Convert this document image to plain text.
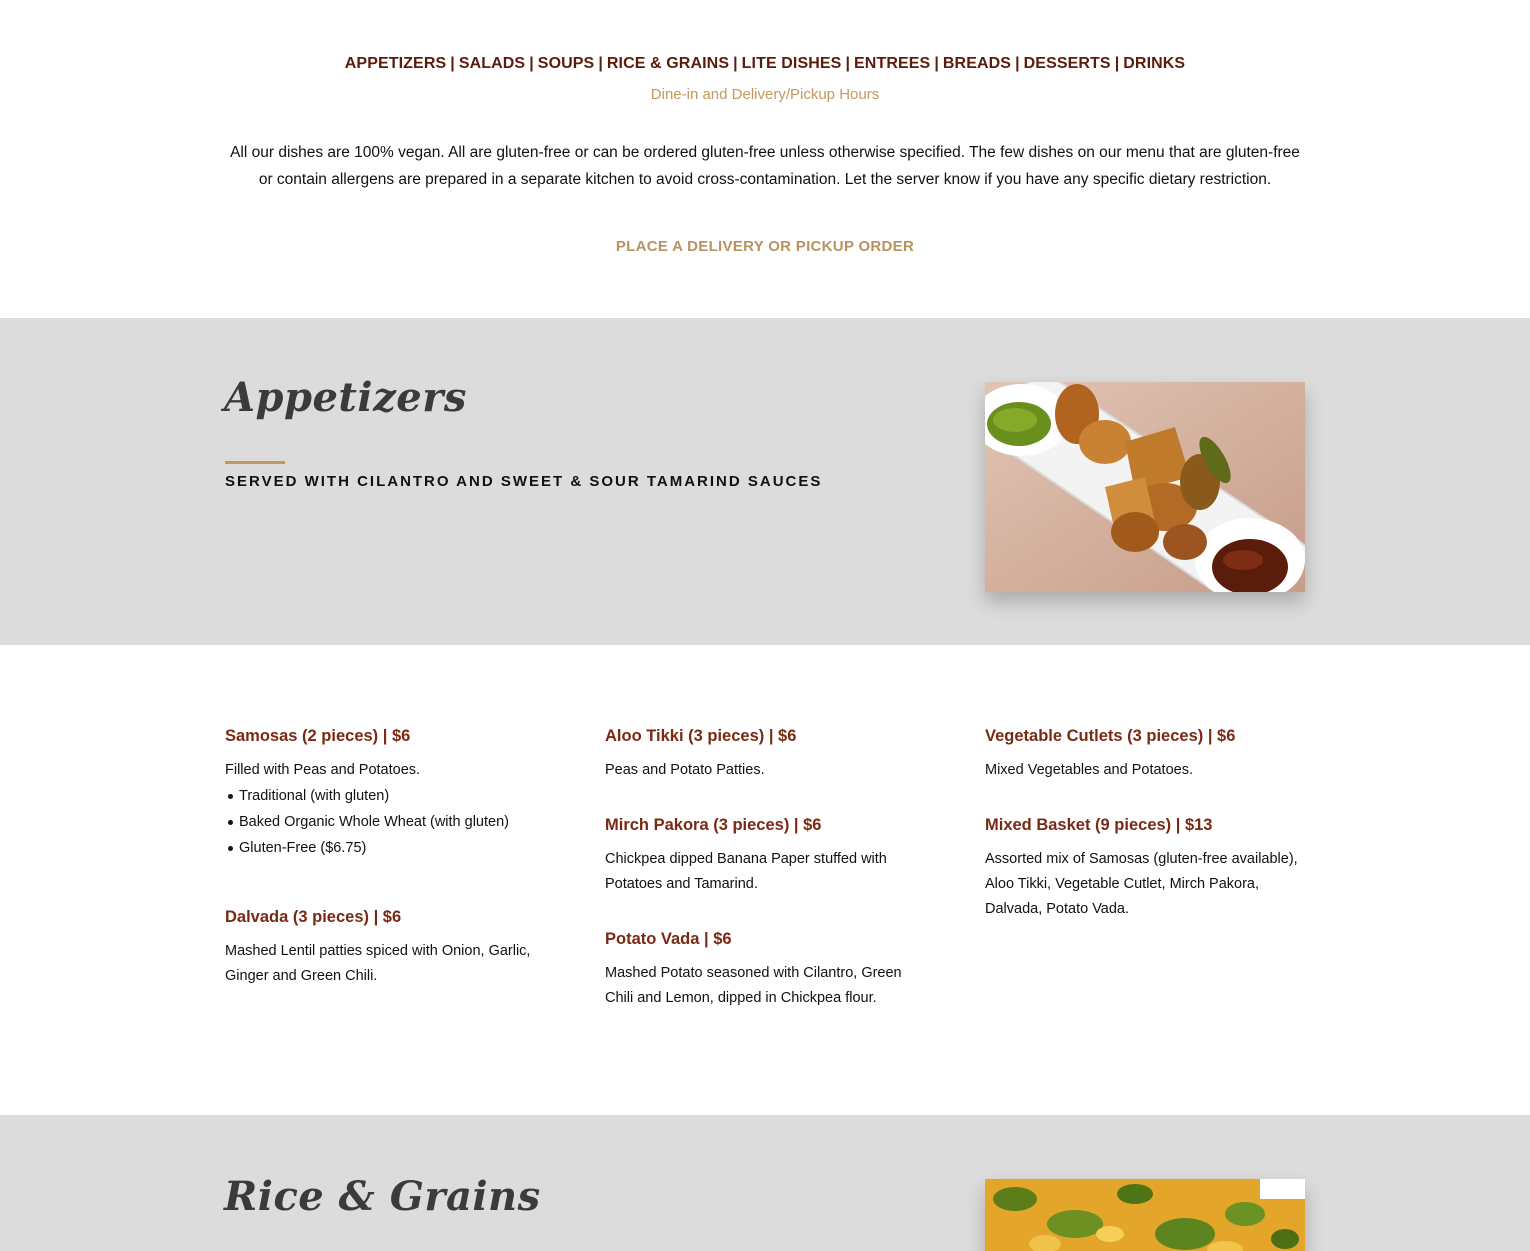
APPETIZERS | SALADS | SOUPS | RICE & GRAINS | LITE DISHES | ENTREES | BREADS | DESSERTS | DRINKS
Dine-in and Delivery/Pickup Hours

All our dishes are 100% vegan. All are gluten-free or can be ordered gluten-free unless otherwise specified. The few dishes on our menu that are gluten-free or contain allergens are prepared in a separate kitchen to avoid cross-contamination. Let the server know if you have any specific dietary restriction.

PLACE A DELIVERY OR PICKUP ORDER
Appetizers
SERVED WITH CILANTRO AND SWEET & SOUR TAMARIND SAUCES
Samosas (2 pieces) | $6
Filled with Peas and Potatoes.
Traditional (with gluten)
Baked Organic Whole Wheat (with gluten)
Gluten-Free ($6.75)
Dalvada (3 pieces) | $6
Mashed Lentil patties spiced with Onion, Garlic, Ginger and Green Chili.
Aloo Tikki (3 pieces) | $6
Peas and Potato Patties.
Mirch Pakora (3 pieces) | $6
Chickpea dipped Banana Paper stuffed with Potatoes and Tamarind.
Potato Vada | $6
Mashed Potato seasoned with Cilantro, Green Chili and Lemon, dipped in Chickpea flour.
Vegetable Cutlets (3 pieces) | $6
Mixed Vegetables and Potatoes.
Mixed Basket (9 pieces) | $13
Assorted mix of Samosas (gluten-free available), Aloo Tikki, Vegetable Cutlet, Mirch Pakora, Dalvada, Potato Vada.
Rice & Grains
